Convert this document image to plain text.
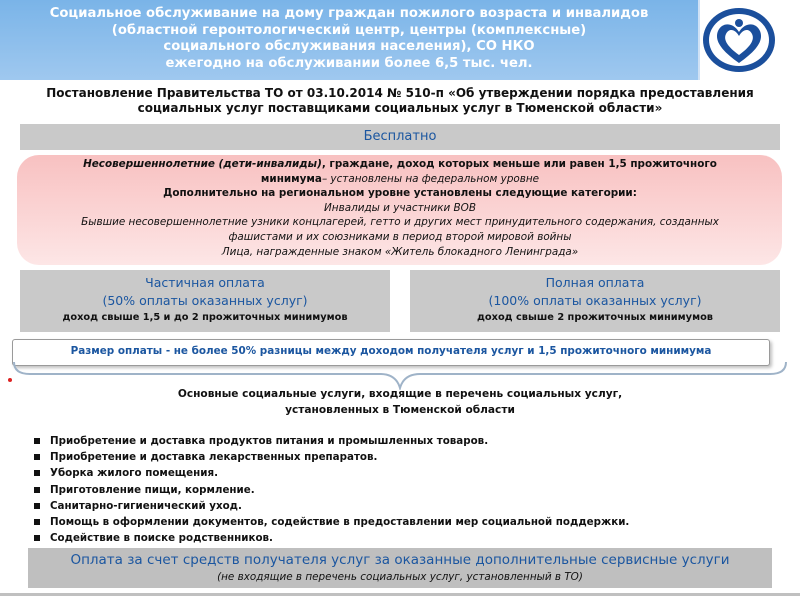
Социальное обслуживание на дому граждан пожилого возраста и инвалидов
(областной геронтологический центр, центры (комплексные)
социального обслуживания населения), СО НКО
ежегодно на обслуживании более 6,5 тыс. чел.
Постановление Правительства ТО от 03.10.2014 № 510-п «Об утверждении порядка предоставления
социальных услуг поставщиками социальных услуг в Тюменской области»
Бесплатно
Несовершеннолетние (дети-инвалиды), граждане, доход которых меньше или равен 1,5 прожиточного
минимума– установлены на федеральном уровне
Дополнительно на региональном уровне установлены следующие категории:
Инвалиды и участники ВОВ
Бывшие несовершеннолетние узники концлагерей, гетто и других мест принудительного содержания, созданных
фашистами и их союзниками в период второй мировой войны
Лица, награжденные знаком «Житель блокадного Ленинграда»
Частичная оплата
(50% оплаты оказанных услуг)
доход свыше 1,5 и до 2 прожиточных минимумов
Полная оплата
(100% оплаты оказанных услуг)
доход свыше 2 прожиточных минимумов
Размер оплаты - не более 50% разницы между доходом получателя услуг и 1,5 прожиточного минимума
Основные социальные услуги, входящие в перечень социальных услуг,
установленных в Тюменской области
Приобретение и доставка продуктов питания и промышленных товаров.
Приобретение и доставка лекарственных препаратов.
Уборка жилого помещения.
Приготовление пищи, кормление.
Санитарно-гигиенический уход.
Помощь в оформлении документов, содействие в предоставлении мер социальной поддержки.
Содействие в поиске родственников.
Оплата за счет средств получателя услуг за оказанные дополнительные сервисные услуги
(не входящие в перечень социальных услуг, установленный в ТО)
